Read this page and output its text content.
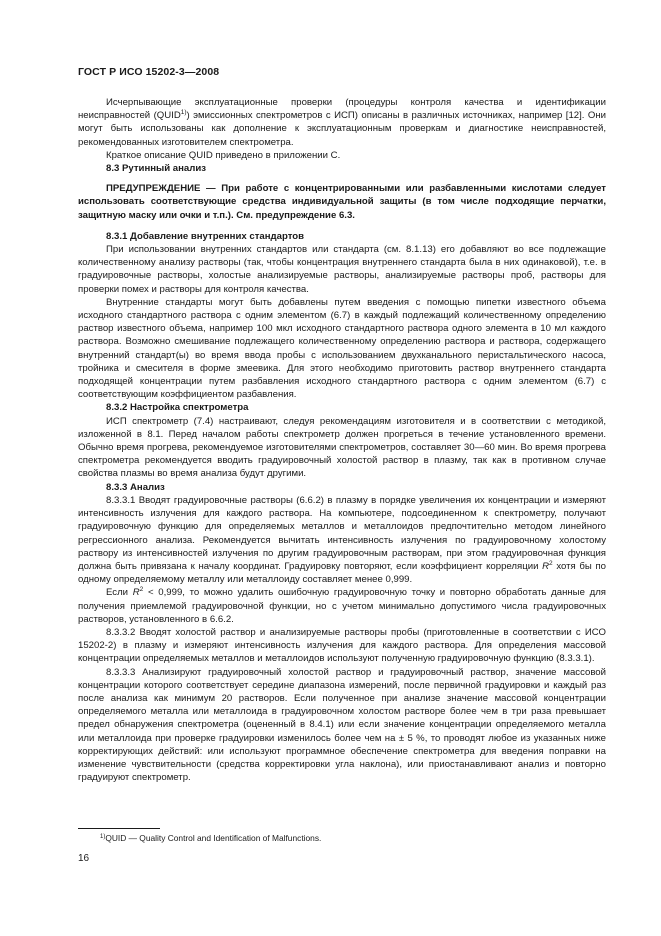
ГОСТ Р ИСО 15202-3—2008

Исчерпывающие эксплуатационные проверки (процедуры контроля качества и идентификации неисправностей (QUID$^{1)}$) эмиссионных спектрометров с ИСП) описаны в различных источниках, например [12]. Они могут быть использованы как дополнение к эксплуатационным проверкам и диагностике неисправностей, рекомендованных изготовителем спектрометра.

Краткое описание QUID приведено в приложении С.

8.3 Рутинный анализ

ПРЕДУПРЕЖДЕНИЕ — При работе с концентрированными или разбавленными кислотами следует использовать соответствующие средства индивидуальной защиты (в том числе подходящие перчатки, защитную маску или очки и т.п.). См. предупреждение 6.3.

8.3.1 Добавление внутренних стандартов

При использовании внутренних стандартов или стандарта (см. 8.1.13) его добавляют во все подлежащие количественному анализу растворы (так, чтобы концентрация внутреннего стандарта была в них одинаковой), т.е. в градуировочные растворы, холостые анализируемые растворы, анализируемые растворы проб, растворы для проверки помех и растворы для контроля качества.

Внутренние стандарты могут быть добавлены путем введения с помощью пипетки известного объема исходного стандартного раствора с одним элементом (6.7) в каждый подлежащий количественному определению раствор известного объема, например 100 мкл исходного стандартного раствора одного элемента в 10 мл каждого раствора. Возможно смешивание подлежащего количественному определению раствора и раствора, содержащего внутренний стандарт(ы) во время ввода пробы с использованием двухканального перистальтического насоса, тройника и смесителя в форме змеевика. Для этого необходимо приготовить раствор внутреннего стандарта подходящей концентрации путем разбавления исходного стандартного раствора с одним элементом (6.7) с соответствующим коэффициентом разбавления.

8.3.2 Настройка спектрометра

ИСП спектрометр (7.4) настраивают, следуя рекомендациям изготовителя и в соответствии с методикой, изложенной в 8.1. Перед началом работы спектрометр должен прогреться в течение установленного времени. Обычно время прогрева, рекомендуемое изготовителями спектрометров, составляет 30—60 мин. Во время прогрева спектрометра рекомендуется вводить градуировочный холостой раствор в плазму, так как в противном случае свойства плазмы во время анализа будут другими.

8.3.3 Анализ

8.3.3.1 Вводят градуировочные растворы (6.6.2) в плазму в порядке увеличения их концентрации и измеряют интенсивность излучения для каждого раствора. На компьютере, подсоединенном к спектрометру, получают градуировочную функцию для определяемых металлов и металлоидов предпочтительно методом линейного регрессионного анализа. Рекомендуется вычитать интенсивность излучения по градуировочному холостому раствору из интенсивностей излучения по другим градуировочным растворам, при этом градуировочная функция должна быть привязана к началу координат. Градуировку повторяют, если коэффициент корреляции $R^2$ хотя бы по одному определяемому металлу или металлоиду составляет менее 0,999.

Если $R^2 < 0,999$, то можно удалить ошибочную градуировочную точку и повторно обработать данные для получения приемлемой градуировочной функции, но с учетом минимально допустимого числа градуировочных растворов, установленного в 6.6.2.

8.3.3.2 Вводят холостой раствор и анализируемые растворы пробы (приготовленные в соответствии с ИСО 15202-2) в плазму и измеряют интенсивность излучения для каждого раствора. Для определения массовой концентрации определяемых металлов и металлоидов используют полученную градуировочную функцию (8.3.3.1).

8.3.3.3 Анализируют градуировочный холостой раствор и градуировочный раствор, значение массовой концентрации которого соответствует середине диапазона измерений, после первичной градуировки и каждый раз после анализа как минимум 20 растворов. Если полученное при анализе значение массовой концентрации определяемого металла или металлоида в градуировочном холостом растворе более чем в три раза превышает предел обнаружения спектрометра (оцененный в 8.4.1) или если значение концентрации определяемого металла или металлоида при проверке градуировки изменилось более чем на ± 5 %, то проводят любое из указанных ниже корректирующих действий: или используют программное обеспечение спектрометра для введения поправки на изменение чувствительности (средства корректировки угла наклона), или приостанавливают анализ и повторно градуируют спектрометр.

$^{1)}$QUID — Quality Control and Identification of Malfunctions.
16
